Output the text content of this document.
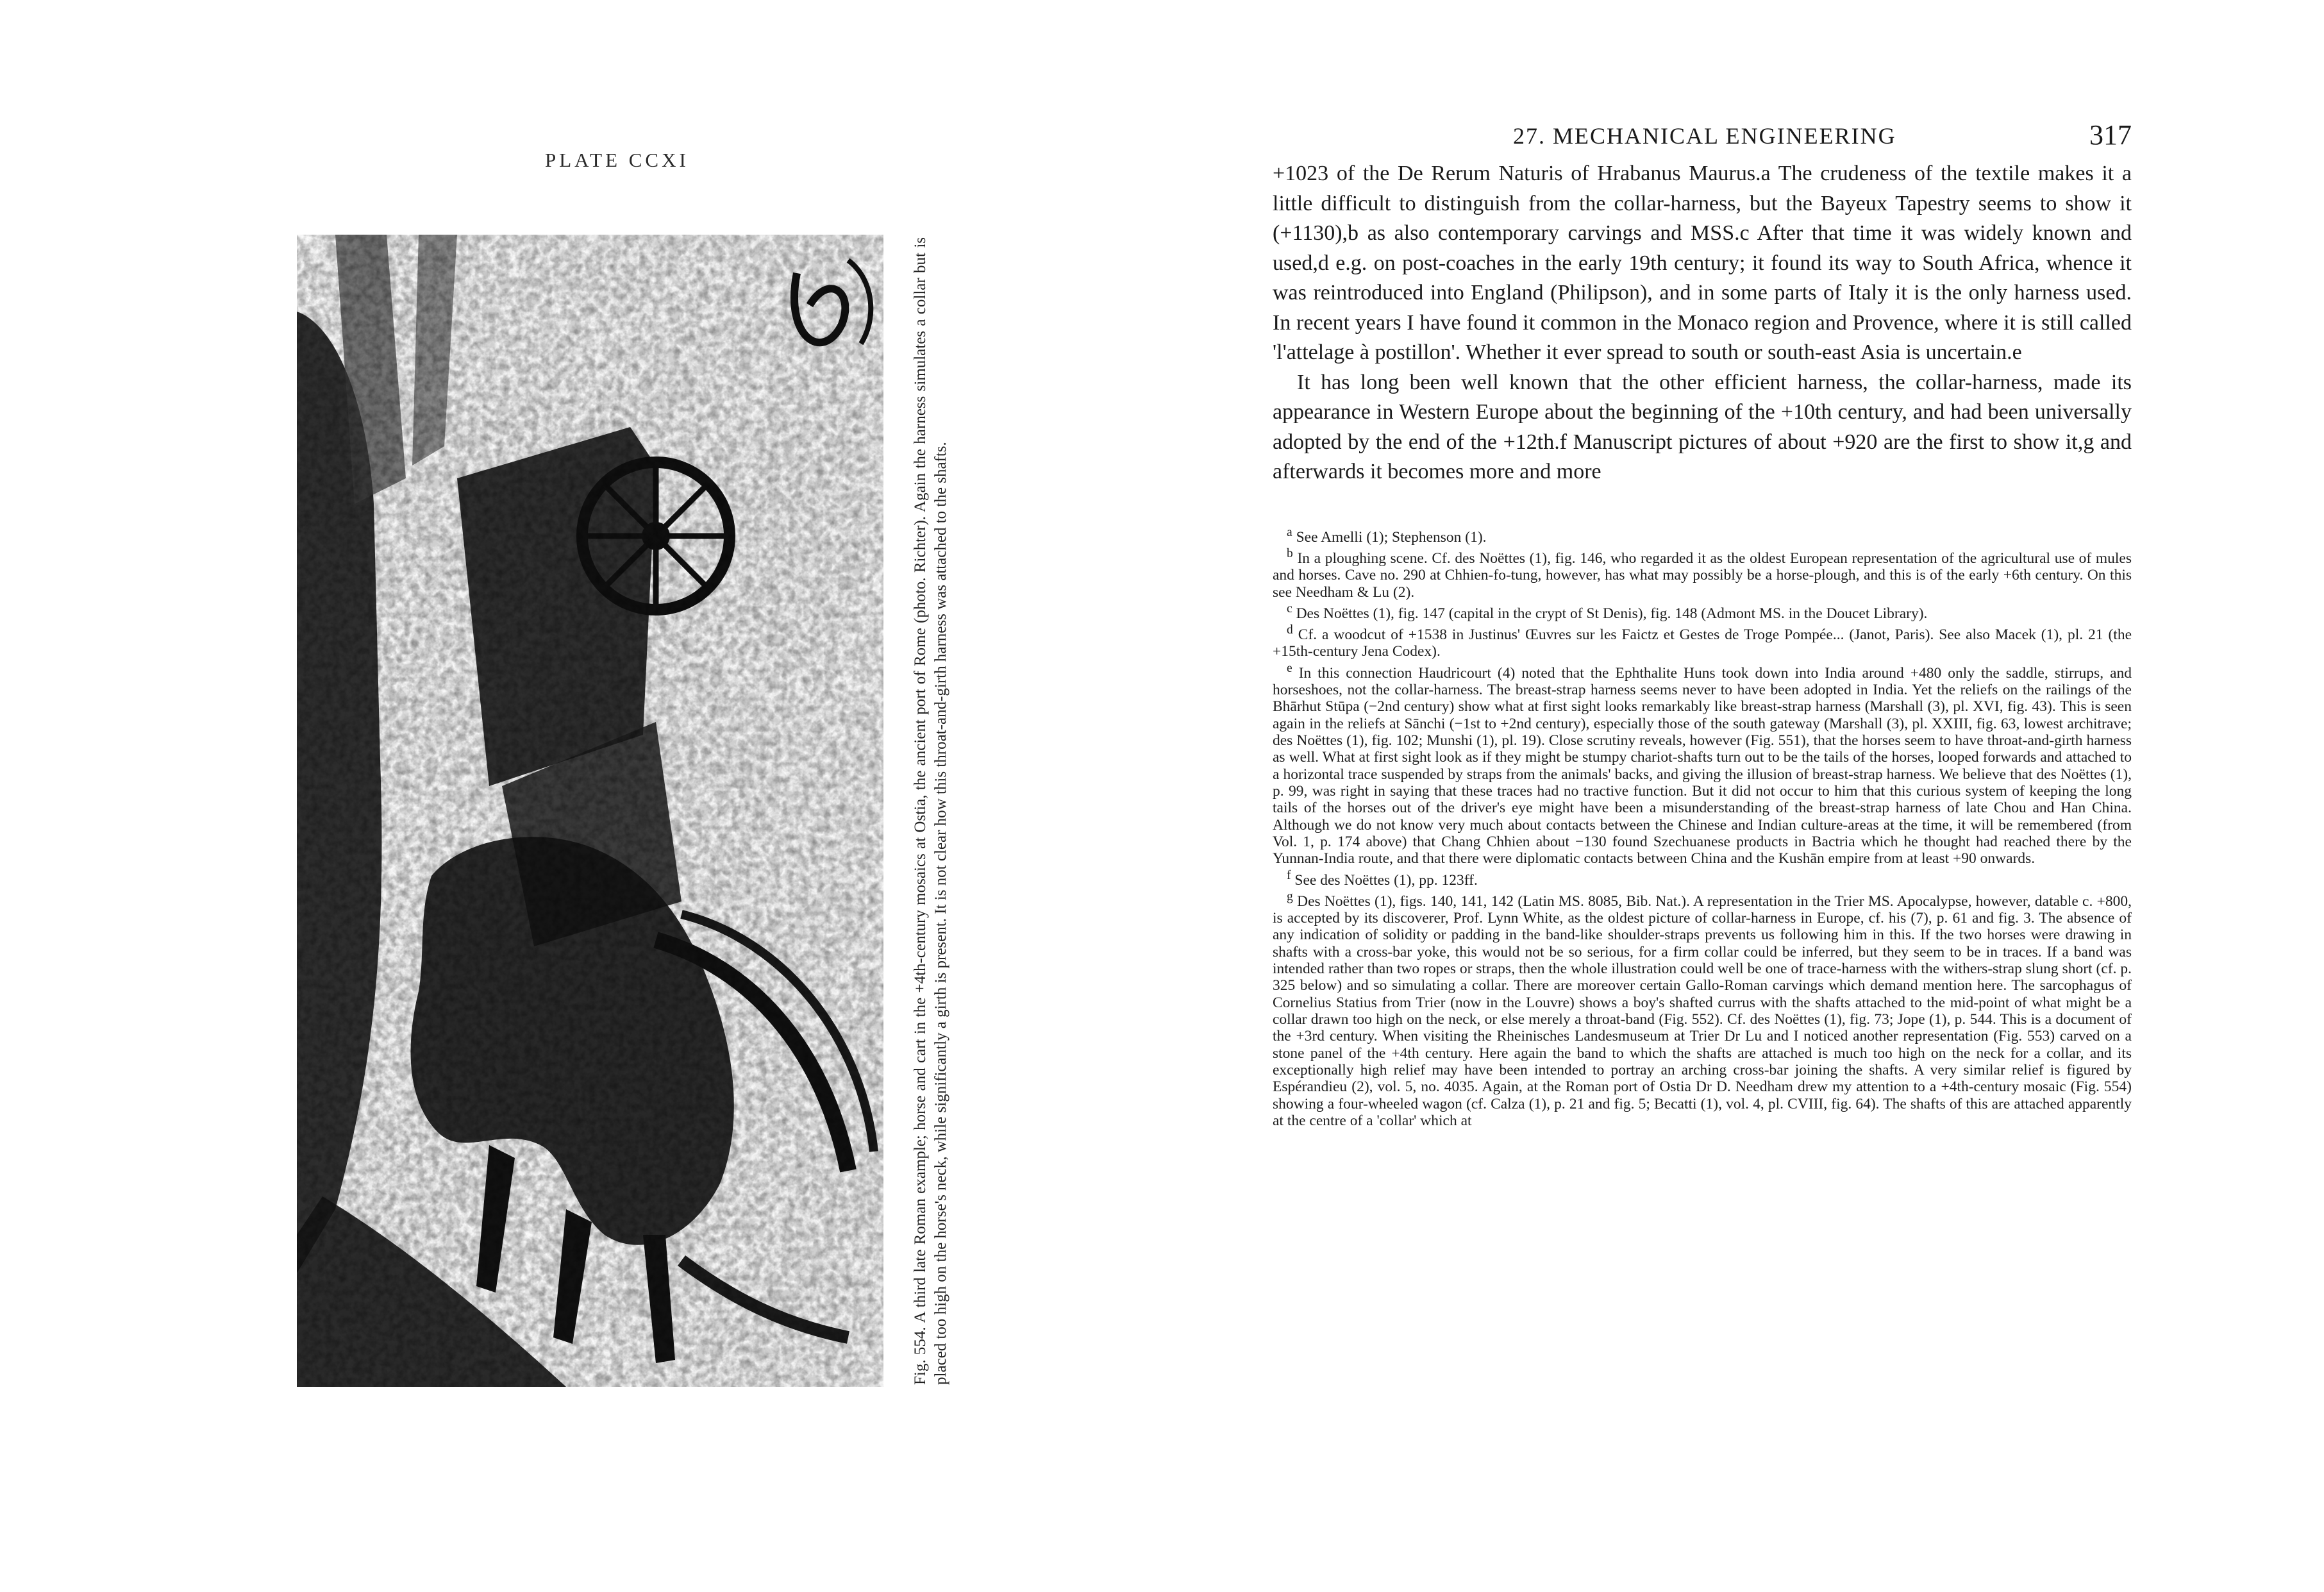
PLATE CCXI
Fig. 554. A third late Roman example; horse and cart in the +4th-century mosaics at Ostia, the ancient port of Rome (photo. Richter). Again the harness simulates a collar but is placed too high on the horse's neck, while significantly a girth is present. It is not clear how this throat-and-girth harness was attached to the shafts.
27. MECHANICAL ENGINEERING	317

+1023 of the De Rerum Naturis of Hrabanus Maurus.a The crudeness of the textile makes it a little difficult to distinguish from the collar-harness, but the Bayeux Tapestry seems to show it (+1130),b as also contemporary carvings and MSS.c After that time it was widely known and used,d e.g. on post-coaches in the early 19th century; it found its way to South Africa, whence it was reintroduced into England (Philipson), and in some parts of Italy it is the only harness used. In recent years I have found it common in the Monaco region and Provence, where it is still called 'l'attelage à postillon'. Whether it ever spread to south or south-east Asia is uncertain.e

It has long been well known that the other efficient harness, the collar-harness, made its appearance in Western Europe about the beginning of the +10th century, and had been universally adopted by the end of the +12th.f Manuscript pictures of about +920 are the first to show it,g and afterwards it becomes more and more

$^a$ See Amelli (1); Stephenson (1).

$^b$ In a ploughing scene. Cf. des Noëttes (1), fig. 146, who regarded it as the oldest European representation of the agricultural use of mules and horses. Cave no. 290 at Chhien-fo-tung, however, has what may possibly be a horse-plough, and this is of the early +6th century. On this see Needham & Lu (2).

$^c$ Des Noëttes (1), fig. 147 (capital in the crypt of St Denis), fig. 148 (Admont MS. in the Doucet Library).

$^d$ Cf. a woodcut of +1538 in Justinus' Œuvres sur les Faictz et Gestes de Troge Pompée... (Janot, Paris). See also Macek (1), pl. 21 (the +15th-century Jena Codex).

$^e$ In this connection Haudricourt (4) noted that the Ephthalite Huns took down into India around +480 only the saddle, stirrups, and horseshoes, not the collar-harness. The breast-strap harness seems never to have been adopted in India. Yet the reliefs on the railings of the Bhārhut Stūpa (−2nd century) show what at first sight looks remarkably like breast-strap harness (Marshall (3), pl. XVI, fig. 43). This is seen again in the reliefs at Sānchi (−1st to +2nd century), especially those of the south gateway (Marshall (3), pl. XXIII, fig. 63, lowest architrave; des Noëttes (1), fig. 102; Munshi (1), pl. 19). Close scrutiny reveals, however (Fig. 551), that the horses seem to have throat-and-girth harness as well. What at first sight look as if they might be stumpy chariot-shafts turn out to be the tails of the horses, looped forwards and attached to a horizontal trace suspended by straps from the animals' backs, and giving the illusion of breast-strap harness. We believe that des Noëttes (1), p. 99, was right in saying that these traces had no tractive function. But it did not occur to him that this curious system of keeping the long tails of the horses out of the driver's eye might have been a misunderstanding of the breast-strap harness of late Chou and Han China. Although we do not know very much about contacts between the Chinese and Indian culture-areas at the time, it will be remembered (from Vol. 1, p. 174 above) that Chang Chhien about −130 found Szechuanese products in Bactria which he thought had reached there by the Yunnan-India route, and that there were diplomatic contacts between China and the Kushān empire from at least +90 onwards.

$^f$ See des Noëttes (1), pp. 123ff.

$^g$ Des Noëttes (1), figs. 140, 141, 142 (Latin MS. 8085, Bib. Nat.). A representation in the Trier MS. Apocalypse, however, datable c. +800, is accepted by its discoverer, Prof. Lynn White, as the oldest picture of collar-harness in Europe, cf. his (7), p. 61 and fig. 3. The absence of any indication of solidity or padding in the band-like shoulder-straps prevents us following him in this. If the two horses were drawing in shafts with a cross-bar yoke, this would not be so serious, for a firm collar could be inferred, but they seem to be in traces. If a band was intended rather than two ropes or straps, then the whole illustration could well be one of trace-harness with the withers-strap slung short (cf. p. 325 below) and so simulating a collar. There are moreover certain Gallo-Roman carvings which demand mention here. The sarcophagus of Cornelius Statius from Trier (now in the Louvre) shows a boy's shafted currus with the shafts attached to the mid-point of what might be a collar drawn too high on the neck, or else merely a throat-band (Fig. 552). Cf. des Noëttes (1), fig. 73; Jope (1), p. 544. This is a document of the +3rd century. When visiting the Rheinisches Landesmuseum at Trier Dr Lu and I noticed another representation (Fig. 553) carved on a stone panel of the +4th century. Here again the band to which the shafts are attached is much too high on the neck for a collar, and its exceptionally high relief may have been intended to portray an arching cross-bar joining the shafts. A very similar relief is figured by Espérandieu (2), vol. 5, no. 4035. Again, at the Roman port of Ostia Dr D. Needham drew my attention to a +4th-century mosaic (Fig. 554) showing a four-wheeled wagon (cf. Calza (1), p. 21 and fig. 5; Becatti (1), vol. 4, pl. CVIII, fig. 64). The shafts of this are attached apparently at the centre of a 'collar' which at
